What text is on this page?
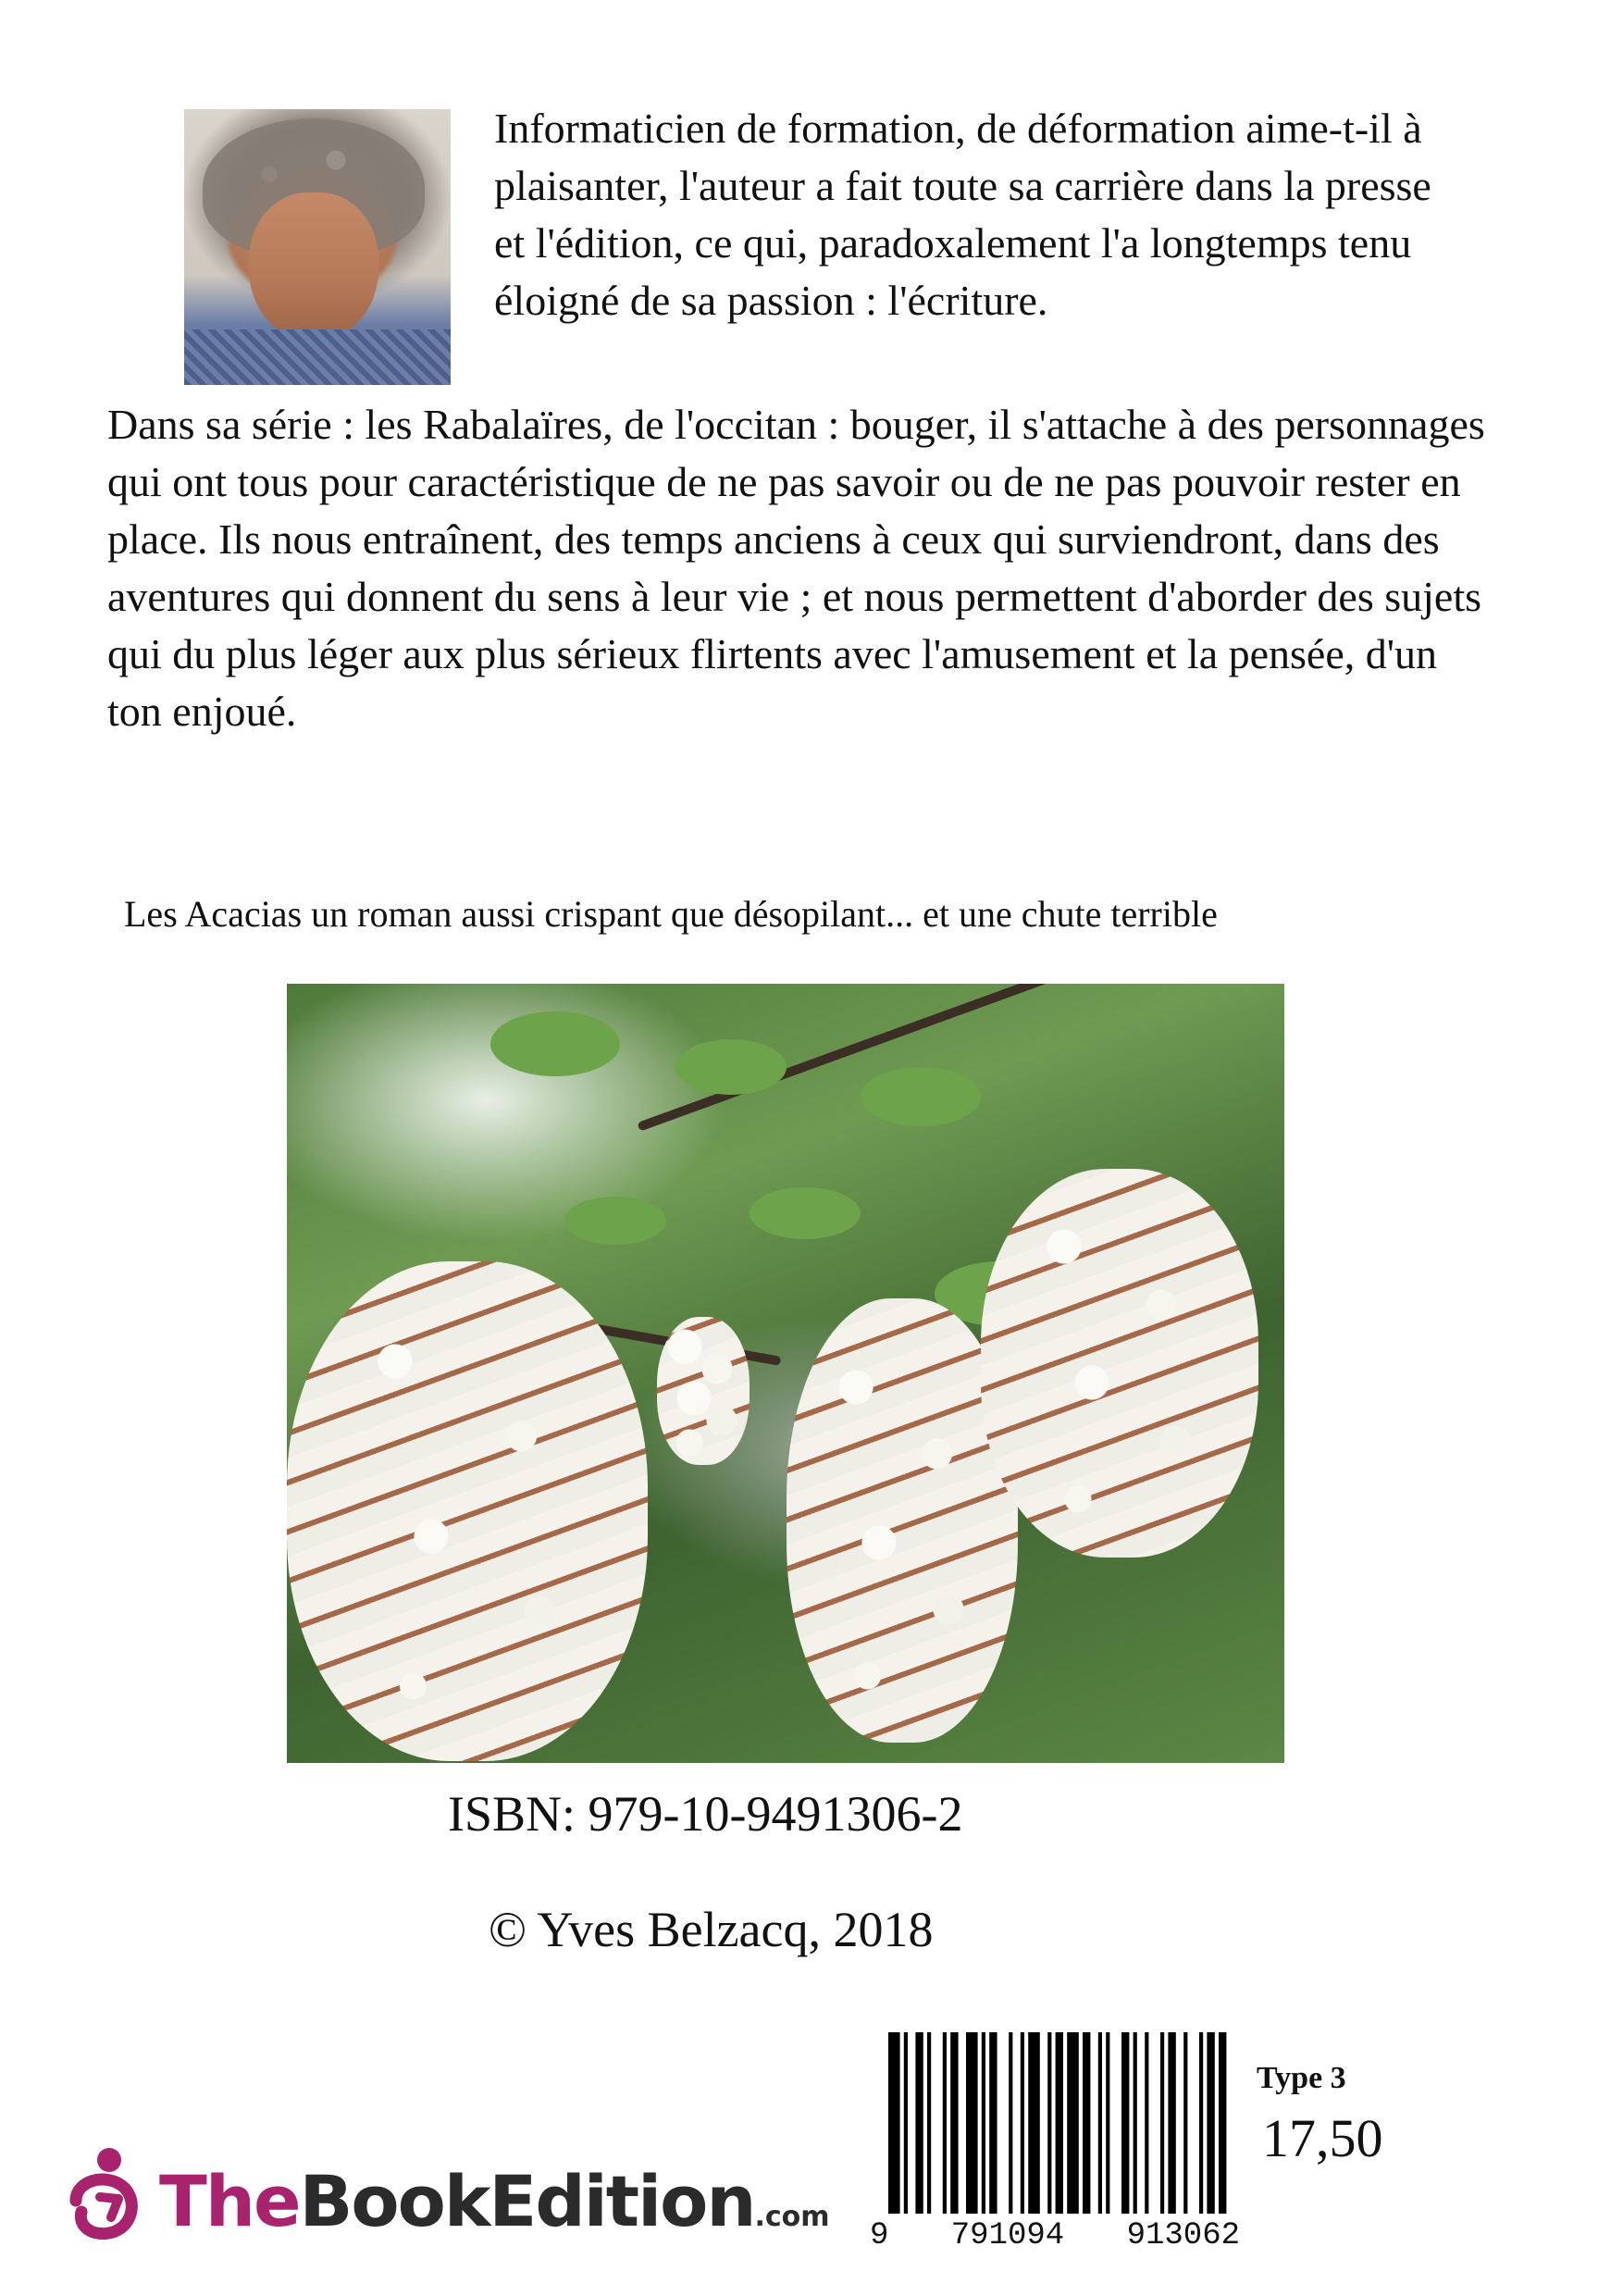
Informaticien de formation, de déformation aime-t-il à plaisanter, l'auteur a fait toute sa carrière dans la presse et l'édition, ce qui, paradoxalement l'a longtemps tenu éloigné de sa passion : l'écriture.

Dans sa série : les Rabalaïres, de l'occitan : bouger, il s'attache à des personnages qui ont tous pour caractéristique de ne pas savoir ou de ne pas pouvoir rester en place. Ils nous entraînent, des temps anciens à ceux qui surviendront, dans des aventures qui donnent du sens à leur vie ; et nous permettent d'aborder des sujets qui du plus léger aux plus sérieux flirtents avec l'amusement et la pensée, d'un ton enjoué.

Les Acacias un roman aussi crispant que désopilant... et une chute terrible

ISBN: 979-10-9491306-2

© Yves Belzacq, 2018

TheBookEdition.com
9 791094 913062
Type 3
17,50
